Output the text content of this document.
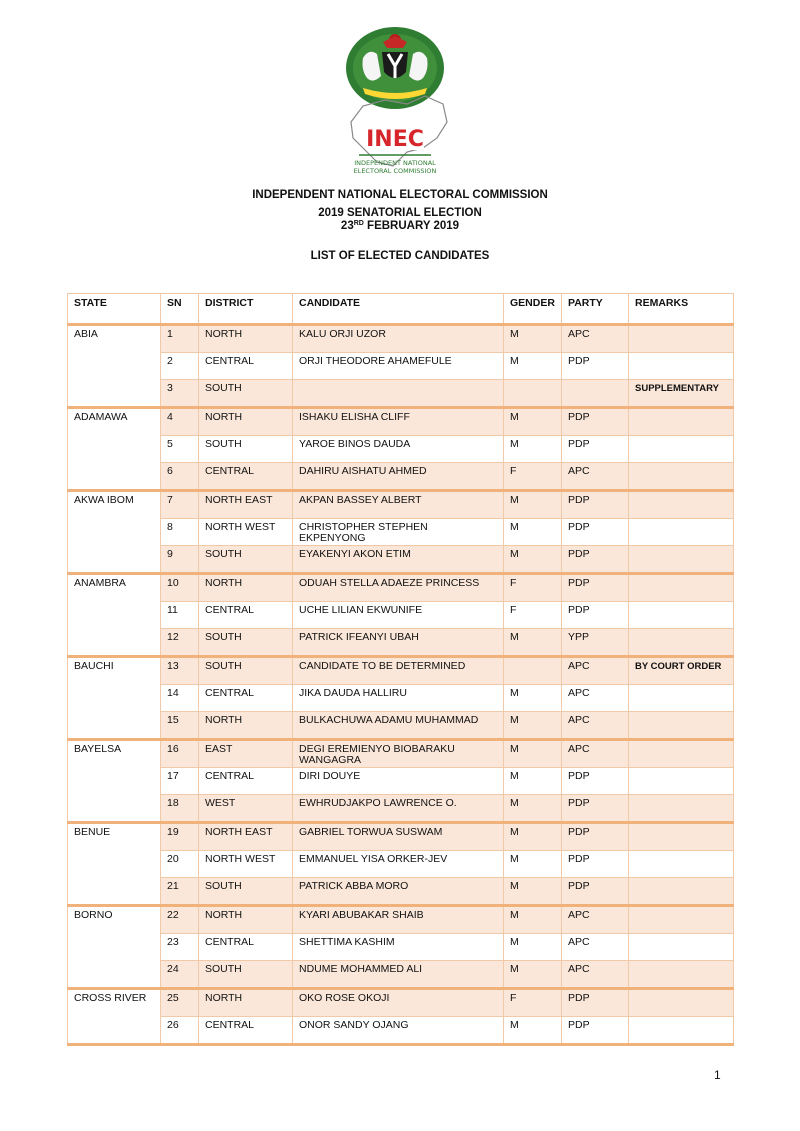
INEC
INDEPENDENT NATIONAL
ELECTORAL COMMISSION
INDEPENDENT NATIONAL ELECTORAL COMMISSION
2019 SENATORIAL ELECTION
23RD FEBRUARY 2019
LIST OF ELECTED CANDIDATES
STATE	SN	DISTRICT	CANDIDATE	GENDER	PARTY	REMARKS
ABIA	1	NORTH	KALU ORJI UZOR	M	APC	
	2	CENTRAL	ORJI THEODORE AHAMEFULE	M	PDP	
	3	SOUTH				SUPPLEMENTARY
ADAMAWA	4	NORTH	ISHAKU ELISHA CLIFF	M	PDP	
	5	SOUTH	YAROE BINOS DAUDA	M	PDP	
	6	CENTRAL	DAHIRU AISHATU AHMED	F	APC	
AKWA IBOM	7	NORTH EAST	AKPAN BASSEY ALBERT	M	PDP	
	8	NORTH WEST	CHRISTOPHER STEPHEN EKPENYONG	M	PDP	
	9	SOUTH	EYAKENYI AKON ETIM	M	PDP	
ANAMBRA	10	NORTH	ODUAH STELLA ADAEZE PRINCESS	F	PDP	
	11	CENTRAL	UCHE LILIAN EKWUNIFE	F	PDP	
	12	SOUTH	PATRICK IFEANYI UBAH	M	YPP	
BAUCHI	13	SOUTH	CANDIDATE TO BE DETERMINED		APC	BY COURT ORDER
	14	CENTRAL	JIKA DAUDA HALLIRU	M	APC	
	15	NORTH	BULKACHUWA ADAMU MUHAMMAD	M	APC	
BAYELSA	16	EAST	DEGI EREMIENYO BIOBARAKU WANGAGRA	M	APC	
	17	CENTRAL	DIRI DOUYE	M	PDP	
	18	WEST	EWHRUDJAKPO LAWRENCE O.	M	PDP	
BENUE	19	NORTH EAST	GABRIEL TORWUA SUSWAM	M	PDP	
	20	NORTH WEST	EMMANUEL YISA ORKER-JEV	M	PDP	
	21	SOUTH	PATRICK ABBA MORO	M	PDP	
BORNO	22	NORTH	KYARI ABUBAKAR SHAIB	M	APC	
	23	CENTRAL	SHETTIMA KASHIM	M	APC	
	24	SOUTH	NDUME MOHAMMED ALI	M	APC	
CROSS RIVER	25	NORTH	OKO ROSE OKOJI	F	PDP	
	26	CENTRAL	ONOR SANDY OJANG	M	PDP	
1
